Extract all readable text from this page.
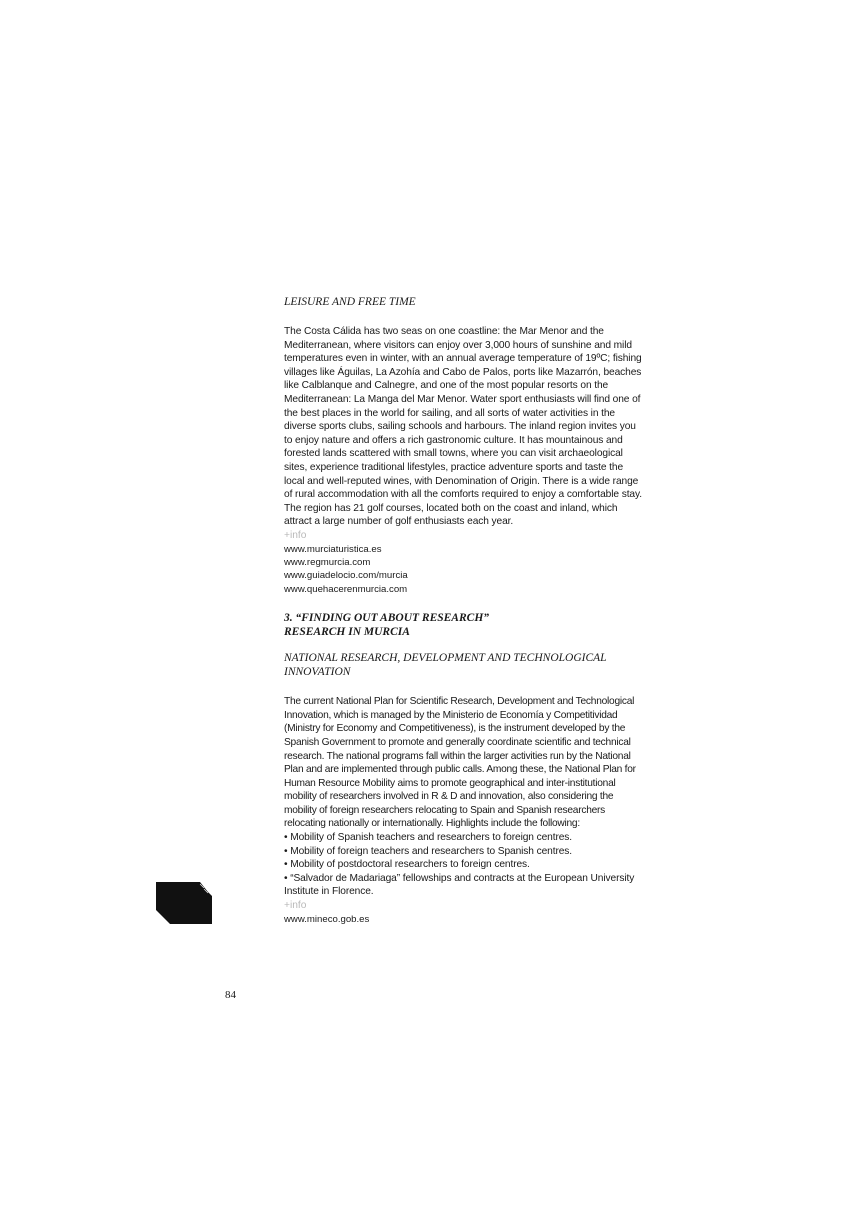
LEISURE AND FREE TIME

The Costa Cálida has two seas on one coastline: the Mar Menor and the Mediterranean, where visitors can enjoy over 3,000 hours of sunshine and mild temperatures even in winter, with an annual average temperature of 19ºC; fishing villages like Águilas, La Azohía and Cabo de Palos, ports like Mazarrón, beaches like Calblanque and Calnegre, and one of the most popular resorts on the Mediterranean: La Manga del Mar Menor. Water sport enthusiasts will find one of the best places in the world for sailing, and all sorts of water activities in the diverse sports clubs, sailing schools and harbours. The inland region invites you to enjoy nature and offers a rich gastronomic culture. It has mountainous and forested lands scattered with small towns, where you can visit archaeological sites, experience traditional lifestyles, practice adventure sports and taste the local and well-reputed wines, with Denomination of Origin. There is a wide range of rural accommodation with all the comforts required to enjoy a comfortable stay. The region has 21 golf courses, located both on the coast and inland, which attract a large number of golf enthusiasts each year.

+info

www.murciaturistica.es
www.regmurcia.com
www.guiadelocio.com/murcia
www.quehacerenmurcia.com

3. “FINDING OUT ABOUT RESEARCH”

RESEARCH IN MURCIA

NATIONAL RESEARCH, DEVELOPMENT AND TECHNOLOGICAL INNOVATION

The current National Plan for Scientific Research, Development and Technological Innovation, which is managed by the Ministerio de Economía y Competitividad (Ministry for Economy and Competitiveness), is the instrument developed by the Spanish Government to promote and generally coordinate scientific and technical research. The national programs fall within the larger activities run by the National Plan and are implemented through public calls. Among these, the National Plan for Human Resource Mobility aims to promote geographical and inter-institutional mobility of researchers involved in R & D and innovation, also considering the mobility of foreign researchers relocating to Spain and Spanish researchers relocating nationally or internationally. Highlights include the following:

• Mobility of Spanish teachers and researchers to foreign centres.
• Mobility of foreign teachers and researchers to Spanish centres.
• Mobility of postdoctoral researchers to foreign centres.
• “Salvador de Madariaga” fellowships and contracts at the European University Institute in Florence.

+info

www.mineco.gob.es
84
